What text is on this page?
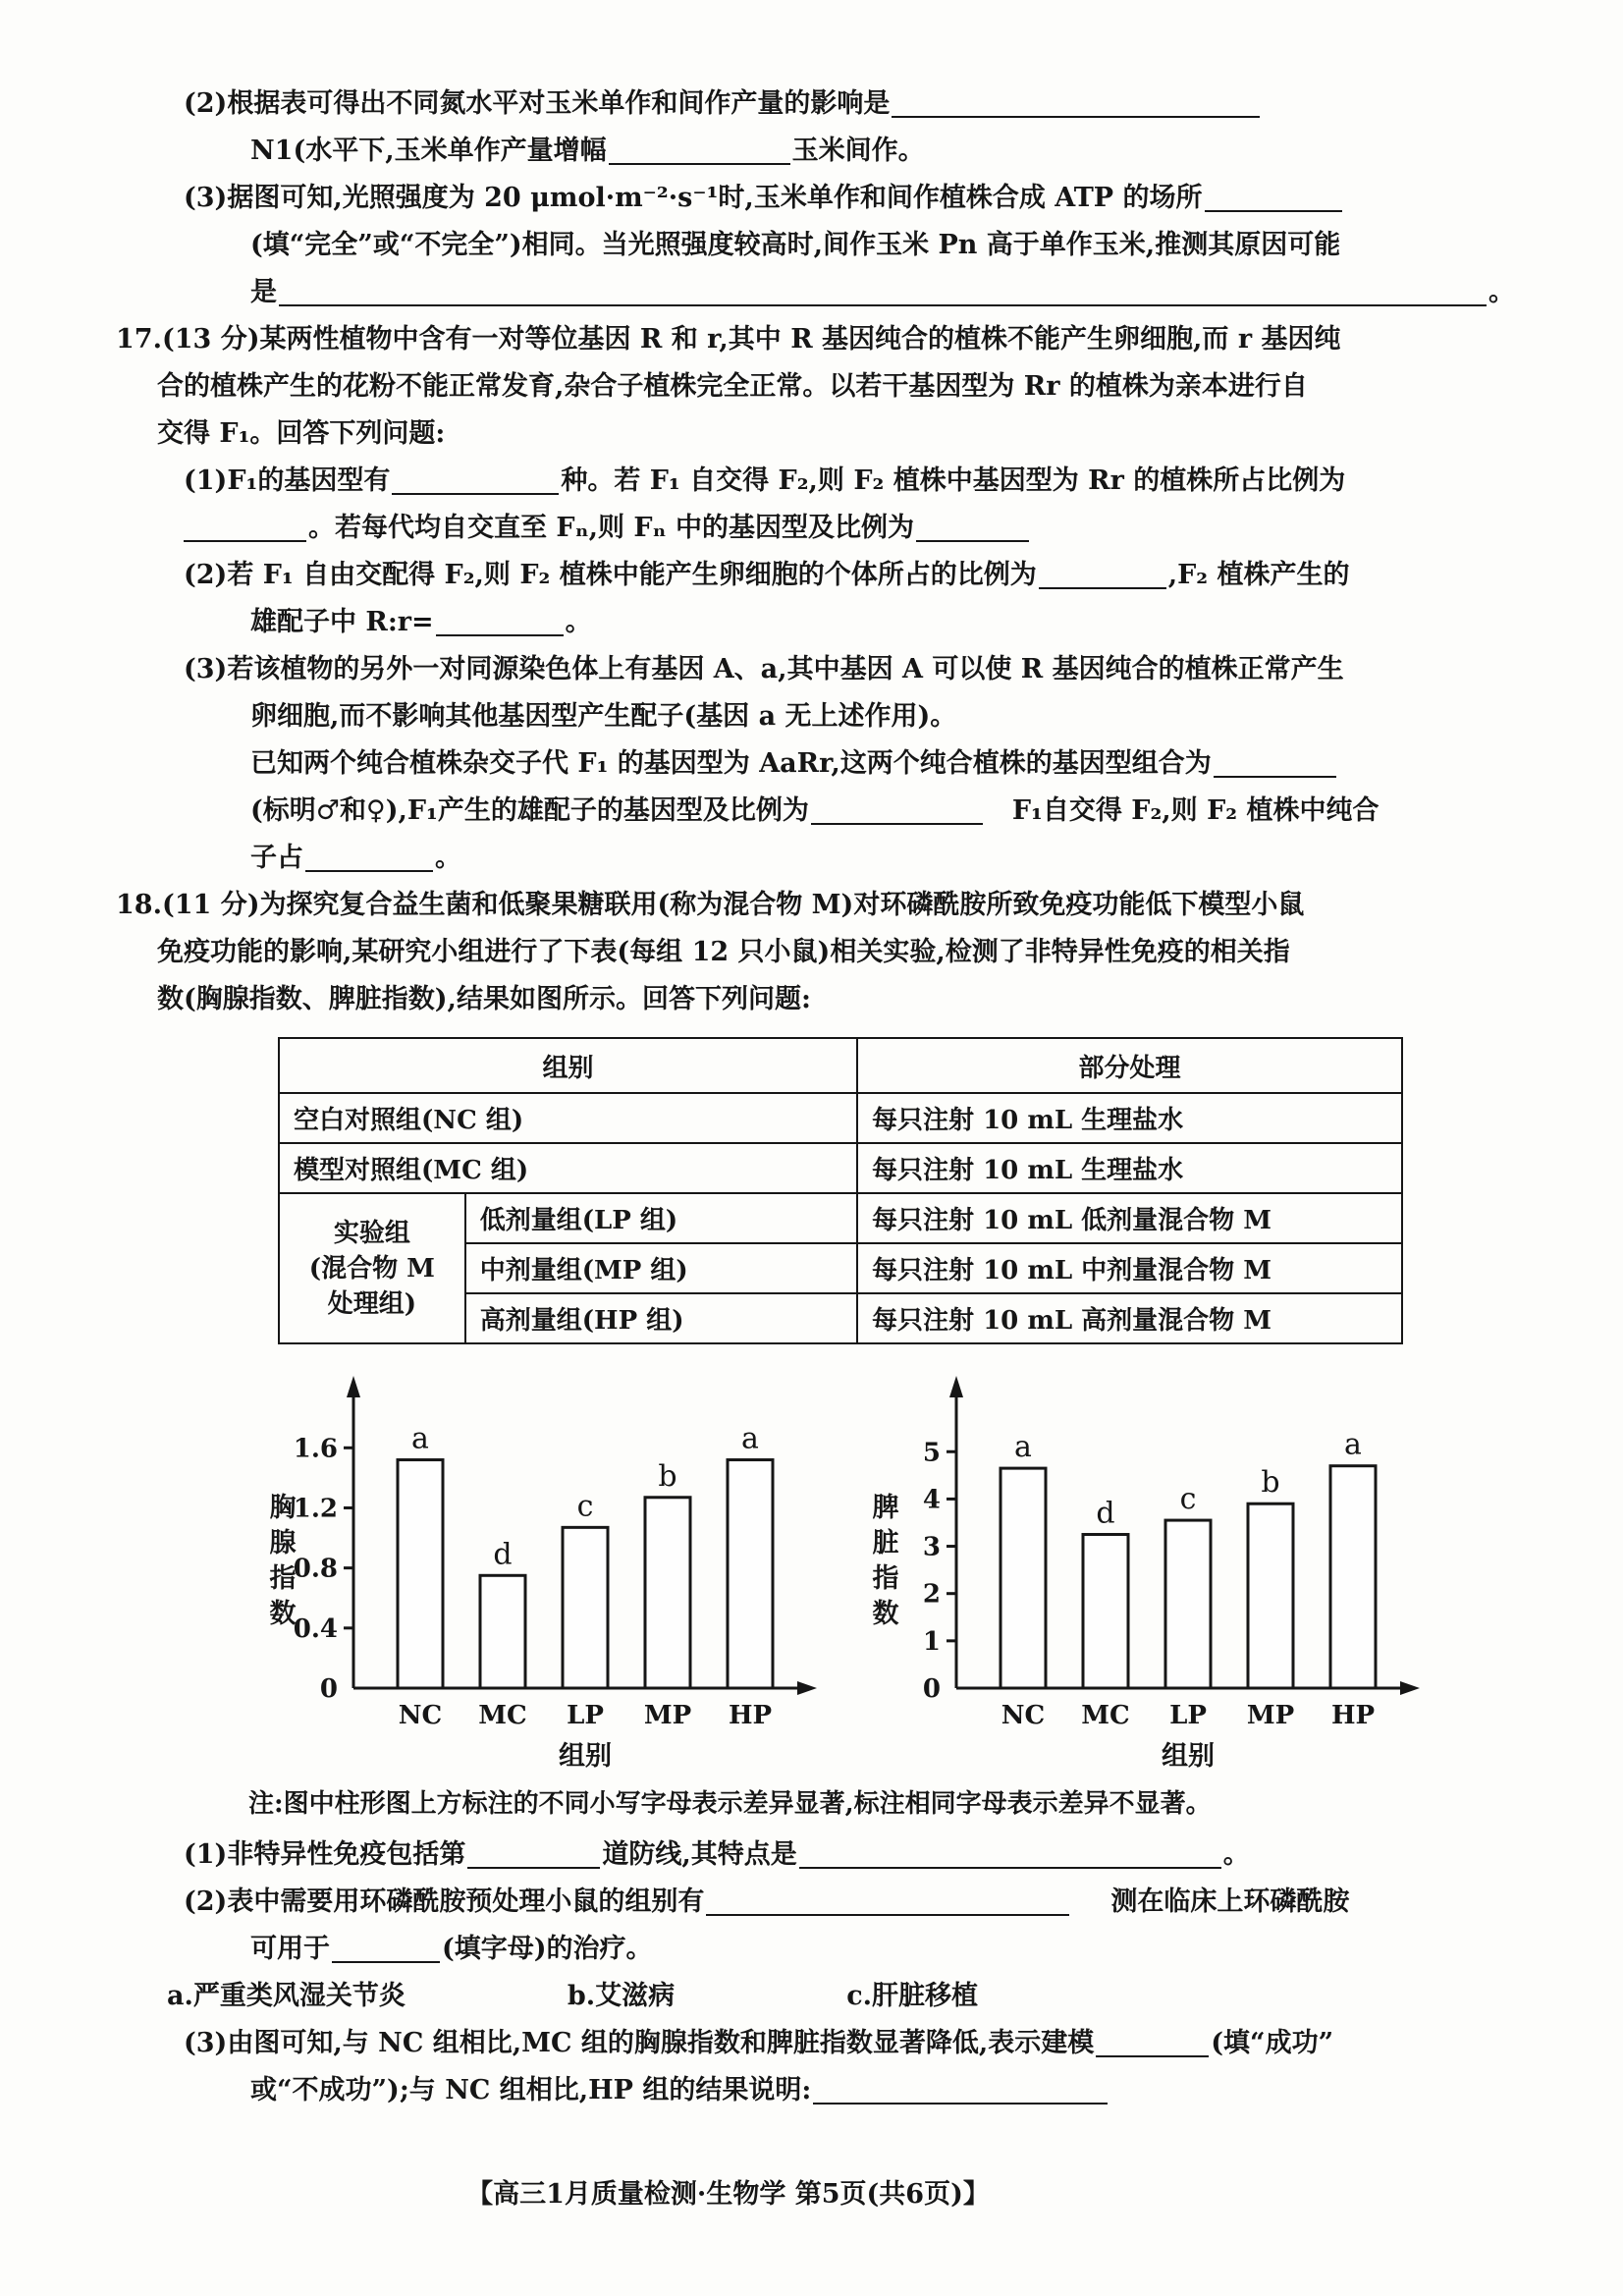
(2)根据表可得出不同氮水平对玉米单作和间作产量的影响是
N1(水平下,玉米单作产量增幅	玉米间作。
(3)据图可知,光照强度为 20 μmol·m⁻²·s⁻¹时,玉米单作和间作植株合成 ATP 的场所
(填“完全”或“不完全”)相同。当光照强度较高时,间作玉米 Pn 高于单作玉米,推测其原因可能
是	。
17.(13 分)某两性植物中含有一对等位基因 R 和 r,其中 R 基因纯合的植株不能产生卵细胞,而 r 基因纯
合的植株产生的花粉不能正常发育,杂合子植株完全正常。以若干基因型为 Rr 的植株为亲本进行自
交得 F₁。回答下列问题:
(1)F₁的基因型有	种。若 F₁ 自交得 F₂,则 F₂ 植株中基因型为 Rr 的植株所占比例为
。若每代均自交直至 Fₙ,则 Fₙ 中的基因型及比例为
(2)若 F₁ 自由交配得 F₂,则 F₂ 植株中能产生卵细胞的个体所占的比例为	,F₂ 植株产生的
雄配子中 R:r=	。
(3)若该植物的另外一对同源染色体上有基因 A、a,其中基因 A 可以使 R 基因纯合的植株正常产生
卵细胞,而不影响其他基因型产生配子(基因 a 无上述作用)。
已知两个纯合植株杂交子代 F₁ 的基因型为 AaRr,这两个纯合植株的基因型组合为
(标明♂和♀),F₁产生的雄配子的基因型及比例为	F₁自交得 F₂,则 F₂ 植株中纯合
子占	。
18.(11 分)为探究复合益生菌和低聚果糖联用(称为混合物 M)对环磷酰胺所致免疫功能低下模型小鼠
免疫功能的影响,某研究小组进行了下表(每组 12 只小鼠)相关实验,检测了非特异性免疫的相关指
数(胸腺指数、脾脏指数),结果如图所示。回答下列问题:
组别		部分处理
空白对照组(NC 组)		每只注射 10 mL 生理盐水
模型对照组(MC 组)		每只注射 10 mL 生理盐水

实验组
(混合物 M 处理组)	低剂量组(LP 组)	每只注射 10 mL 低剂量混合物 M
	中剂量组(MP 组)	每只注射 10 mL 中剂量混合物 M
	高剂量组(HP 组)	每只注射 10 mL 高剂量混合物 M
0
0.4
0.8
1.2
1.6	a
NC
d
MC
c
LP
b
MP
a
HP
组别
胸
腺
指
数
0
1
2
3
4
5	a
NC
d
MC
c
LP
b
MP
a
HP
组别
脾
脏
指
数
注:图中柱形图上方标注的不同小写字母表示差异显著,标注相同字母表示差异不显著。
(1)非特异性免疫包括第	道防线,其特点是	。
(2)表中需要用环磷酰胺预处理小鼠的组别有	测在临床上环磷酰胺
可用于	(填字母)的治疗。
a.严重类风湿关节炎	b.艾滋病	c.肝脏移植
(3)由图可知,与 NC 组相比,MC 组的胸腺指数和脾脏指数显著降低,表示建模	(填“成功”
或“不成功”);与 NC 组相比,HP 组的结果说明:
【高三1月质量检测·生物学 第5页(共6页)】
